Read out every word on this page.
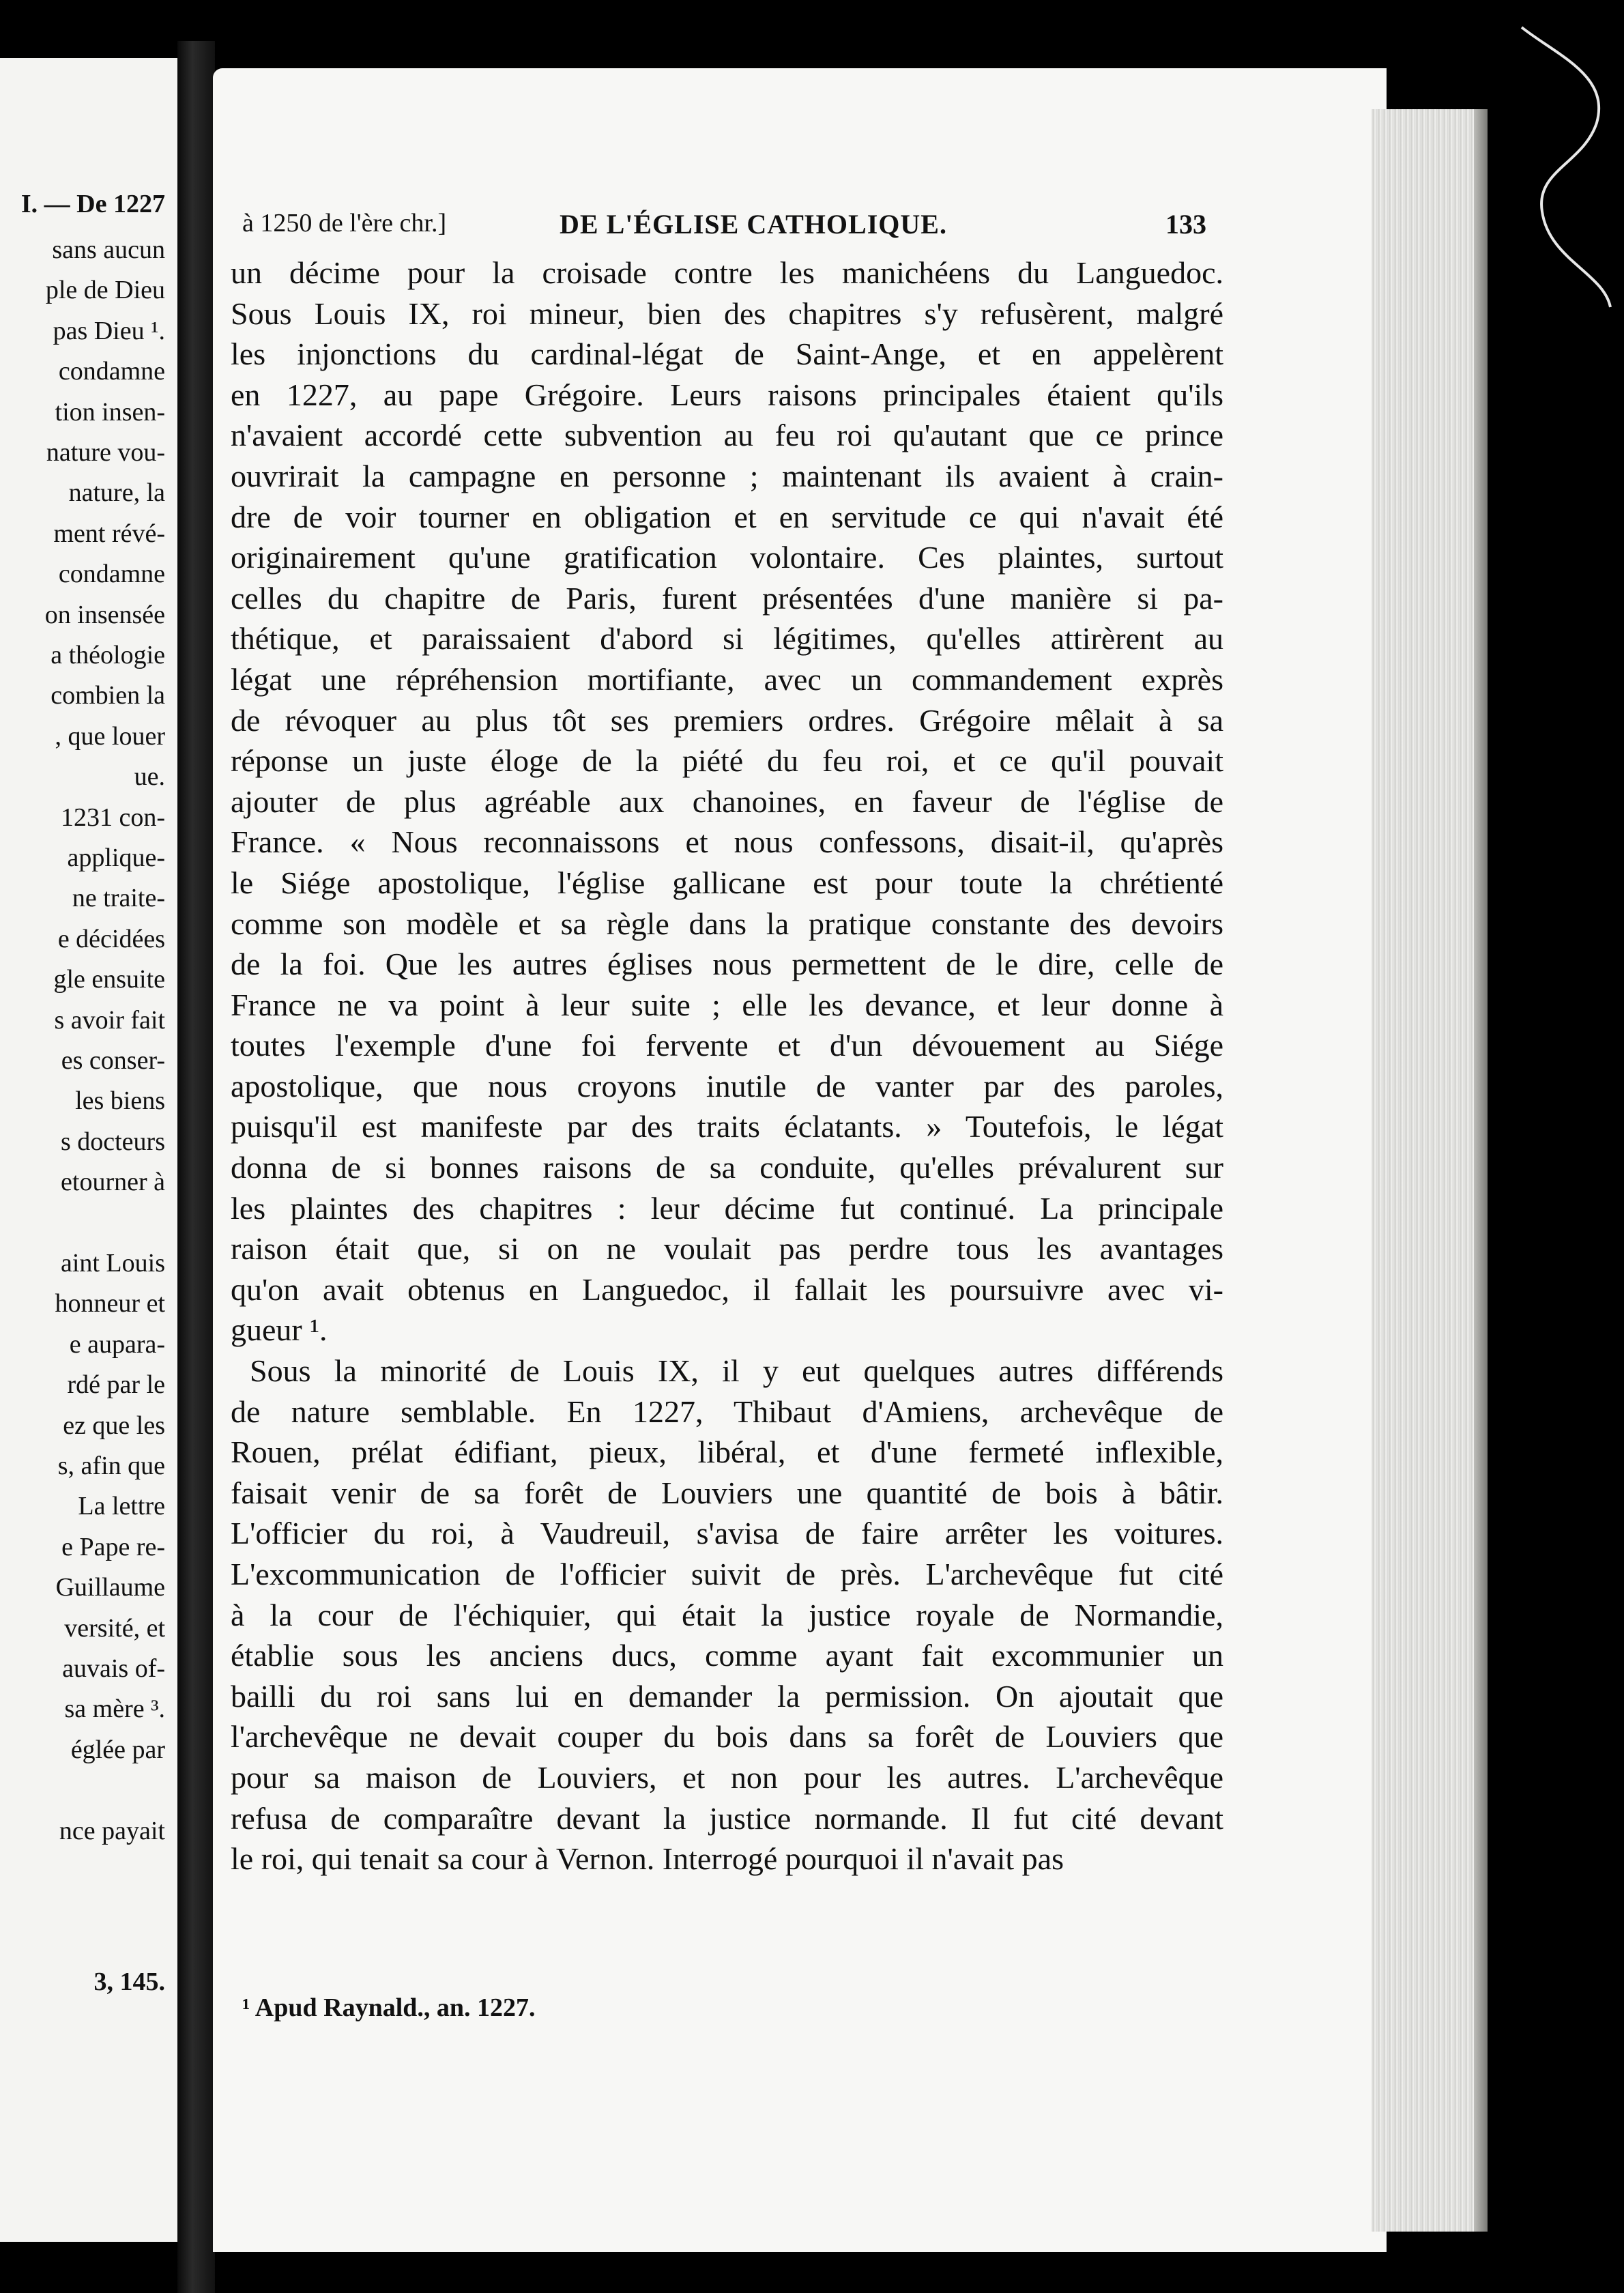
I. — De 1227
sans aucun
ple de Dieu
pas Dieu ¹.
condamne
tion insen-
nature vou-
nature, la
ment révé-
condamne
on insensée
a théologie
combien la
, que louer
ue.
1231 con-
applique-
ne traite-
e décidées
gle ensuite
s avoir fait
es conser-
les biens
s docteurs
etourner à
aint Louis
honneur et
e aupara-
rdé par le
ez que les
s, afin que
La lettre
e Pape re-
Guillaume
versité, et
auvais of-
sa mère ³.
églée par
nce payait
3, 145.
à 1250 de l'ère chr.]	DE L'ÉGLISE CATHOLIQUE.	133
un décime pour la croisade contre les manichéens du Languedoc.
Sous Louis IX, roi mineur, bien des chapitres s'y refusèrent, malgré
les injonctions du cardinal-légat de Saint-Ange, et en appelèrent
en 1227, au pape Grégoire. Leurs raisons principales étaient qu'ils
n'avaient accordé cette subvention au feu roi qu'autant que ce prince
ouvrirait la campagne en personne ; maintenant ils avaient à crain-
dre de voir tourner en obligation et en servitude ce qui n'avait été
originairement qu'une gratification volontaire. Ces plaintes, surtout
celles du chapitre de Paris, furent présentées d'une manière si pa-
thétique, et paraissaient d'abord si légitimes, qu'elles attirèrent au
légat une répréhension mortifiante, avec un commandement exprès
de révoquer au plus tôt ses premiers ordres. Grégoire mêlait à sa
réponse un juste éloge de la piété du feu roi, et ce qu'il pouvait
ajouter de plus agréable aux chanoines, en faveur de l'église de
France. « Nous reconnaissons et nous confessons, disait-il, qu'après
le Siége apostolique, l'église gallicane est pour toute la chrétienté
comme son modèle et sa règle dans la pratique constante des devoirs
de la foi. Que les autres églises nous permettent de le dire, celle de
France ne va point à leur suite ; elle les devance, et leur donne à
toutes l'exemple d'une foi fervente et d'un dévouement au Siége
apostolique, que nous croyons inutile de vanter par des paroles,
puisqu'il est manifeste par des traits éclatants. » Toutefois, le légat
donna de si bonnes raisons de sa conduite, qu'elles prévalurent sur
les plaintes des chapitres : leur décime fut continué. La principale
raison était que, si on ne voulait pas perdre tous les avantages
qu'on avait obtenus en Languedoc, il fallait les poursuivre avec vi-
gueur ¹.
Sous la minorité de Louis IX, il y eut quelques autres différends
de nature semblable. En 1227, Thibaut d'Amiens, archevêque de
Rouen, prélat édifiant, pieux, libéral, et d'une fermeté inflexible,
faisait venir de sa forêt de Louviers une quantité de bois à bâtir.
L'officier du roi, à Vaudreuil, s'avisa de faire arrêter les voitures.
L'excommunication de l'officier suivit de près. L'archevêque fut cité
à la cour de l'échiquier, qui était la justice royale de Normandie,
établie sous les anciens ducs, comme ayant fait excommunier un
bailli du roi sans lui en demander la permission. On ajoutait que
l'archevêque ne devait couper du bois dans sa forêt de Louviers que
pour sa maison de Louviers, et non pour les autres. L'archevêque
refusa de comparaître devant la justice normande. Il fut cité devant
le roi, qui tenait sa cour à Vernon. Interrogé pourquoi il n'avait pas
¹ Apud Raynald., an. 1227.
